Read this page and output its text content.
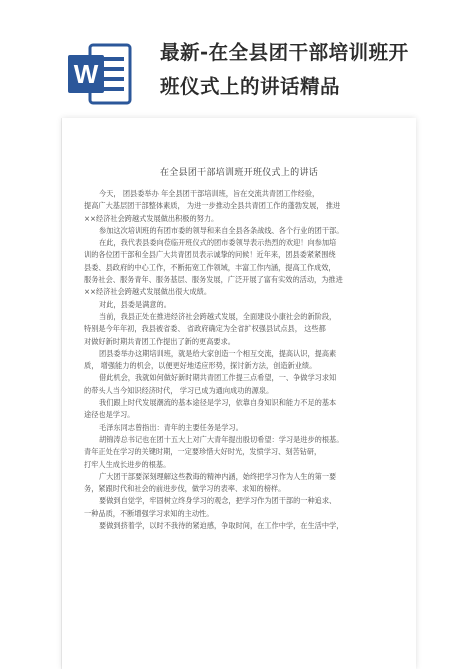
W
最新-在全县团干部培训班开
班仪式上的讲话精品
在全县团干部培训班开班仪式上的讲话

今天， 团县委举办 年全县团干部培训班，旨在交流共青团工作经验，

提高广大基层团干部整体素质， 为进一步推动全县共青团工作的蓬勃发展， 推进

××经济社会跨越式发展做出积极的努力。

参加这次培训班的有团市委的领导和来自全县各条战线、各个行业的团干部。

在此，我代表县委向莅临开班仪式的团市委领导表示热烈的欢迎！向参加培

训的各位团干部和全县广大共青团员表示诚挚的问候！近年来，团县委紧紧围绕

县委、县政府的中心工作，不断拓宽工作领域，丰富工作内涵，提高工作成效，

服务社会、服务青年、服务基层、服务发展，广泛开展了富有实效的活动，为推进

××经济社会跨越式发展做出很大成绩。

对此，县委是满意的。

当前，我县正处在推进经济社会跨越式发展，全面建设小康社会的新阶段，

特别是今年年初，我县被省委、 省政府确定为全省扩权强县试点县， 这些都

对做好新时期共青团工作提出了新的更高要求。

团县委举办这期培训班，就是给大家创造一个相互交流，提高认识，提高素

质， 增强能力的机会，以便更好地适应形势，探讨新方法，创造新业绩。

借此机会，我就如何做好新时期共青团工作提三点希望，一、争做学习求知

的带头人当今知识经济时代， 学习已成为通向成功的源泉。

我们跟上时代发展潮流的基本途径是学习，依靠自身知识和能力不足的基本

途径也是学习。

毛泽东同志曾指出：青年的主要任务是学习。

胡锦涛总书记也在团十五大上对广大青年提出殷切希望：学习是进步的根基。

青年正处在学习的关键时期，一定要珍惜大好时光，发愤学习、刻苦钻研，

打牢人生成长进步的根基。

广大团干部要深刻理解这些教诲的精神内涵，始终把学习作为人生的第一要

务，紧跟时代和社会的前进步伐，做学习的表率、求知的榜样。

要做到自觉学，牢固树立终身学习的观念，把学习作为团干部的一种追求、

一种品质，不断增强学习求知的主动性。

要做到挤着学，以时不我待的紧迫感，争取时间，在工作中学，在生活中学，
